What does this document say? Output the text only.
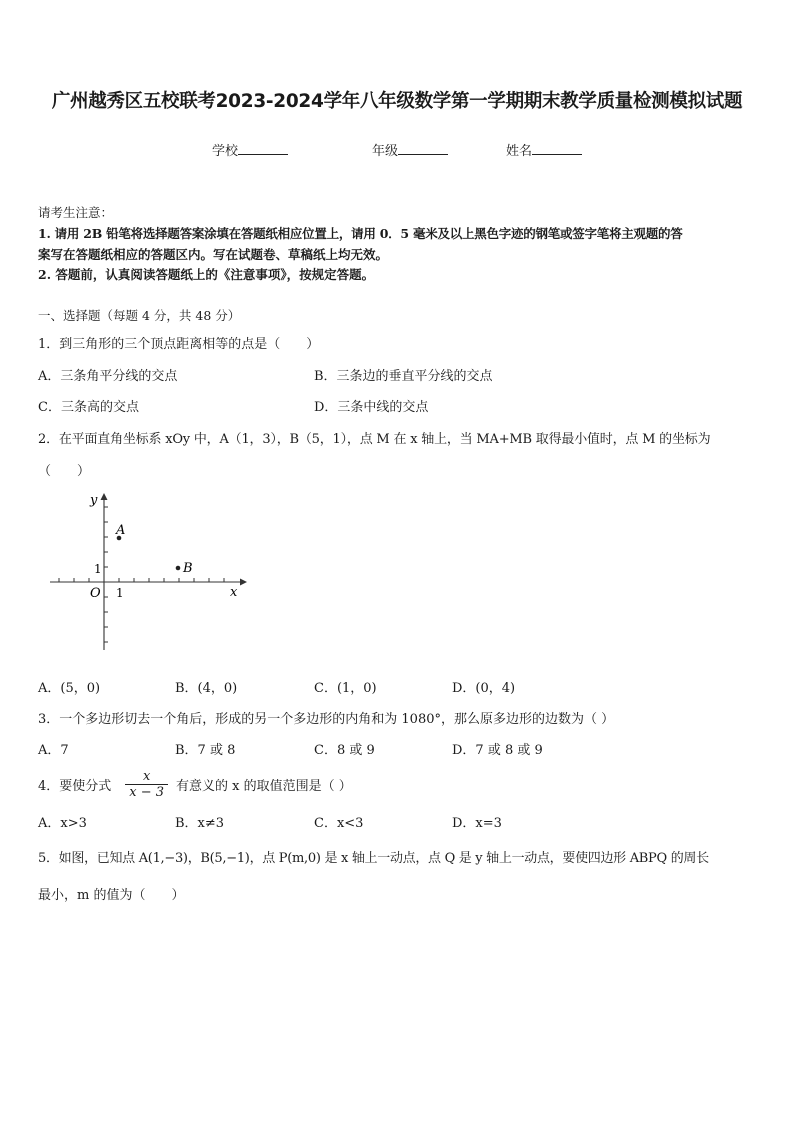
广州越秀区五校联考2023-2024学年八年级数学第一学期期末教学质量检测模拟试题
学校	年级	姓名
请考生注意：
1. 请用 2B 铅笔将选择题答案涂填在答题纸相应位置上，请用 0．5 毫米及以上黑色字迹的钢笔或签字笔将主观题的答
案写在答题纸相应的答题区内。写在试题卷、草稿纸上均无效。
2. 答题前，认真阅读答题纸上的《注意事项》，按规定答题。
一、选择题（每题 4 分，共 48 分）
1．到三角形的三个顶点距离相等的点是（　　）
A．三条角平分线的交点	B．三条边的垂直平分线的交点
C．三条高的交点	D．三条中线的交点
2．在平面直角坐标系 xOy 中，A（1，3），B（5，1），点 M 在 x 轴上，当 MA+MB 取得最小值时，点 M 的坐标为
（　　）
y
x
O 1
1
A
B
A．(5，0)	B．(4，0)	C．(1，0)	D．(0，4)
3．一个多边形切去一个角后，形成的另一个多边形的内角和为 1080°，那么原多边形的边数为（ ）
A．7	B．7 或 8	C．8 或 9	D．7 或 8 或 9
4．要使分式 $\frac{x}{x - 3}$ 有意义的 x 的取值范围是（ ）
A．x>3	B．x≠3	C．x<3	D．x=3
5．如图，已知点 A(1,−3)，B(5,−1)，点 P(m,0) 是 x 轴上一动点，点 Q 是 y 轴上一动点，要使四边形 ABPQ 的周长
最小，m 的值为（　　）
